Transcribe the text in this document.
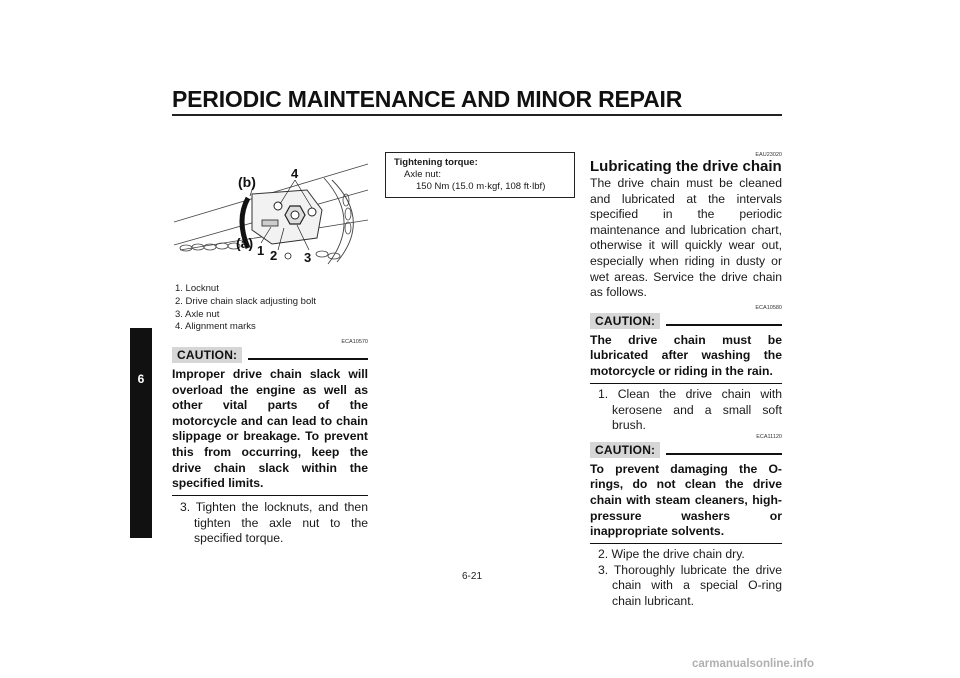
PERIODIC MAINTENANCE AND MINOR REPAIR
6
(b)
4
(a) 1 2 3
1. Locknut
2. Drive chain slack adjusting bolt
3. Axle nut
4. Alignment marks
ECA10570
CAUTION:
Improper drive chain slack will overload the engine as well as other vital parts of the motorcycle and can lead to chain slippage or breakage. To prevent this from occurring, keep the drive chain slack within the specified limits.
3. Tighten the locknuts, and then tighten the axle nut to the specified torque.
Tightening torque:
Axle nut:
150 Nm (15.0 m·kgf, 108 ft·lbf)
EAU23020
Lubricating the drive chain
The drive chain must be cleaned and lubricated at the intervals specified in the periodic maintenance and lubrication chart, otherwise it will quickly wear out, especially when riding in dusty or wet areas. Service the drive chain as follows.
ECA10580
CAUTION:
The drive chain must be lubricated after washing the motorcycle or riding in the rain.
1. Clean the drive chain with kerosene and a small soft brush.
ECA11120
CAUTION:
To prevent damaging the O-rings, do not clean the drive chain with steam cleaners, high-pressure washers or inappropriate solvents.
2. Wipe the drive chain dry.
3. Thoroughly lubricate the drive chain with a special O-ring chain lubricant.
6-21
carmanualsonline.info
